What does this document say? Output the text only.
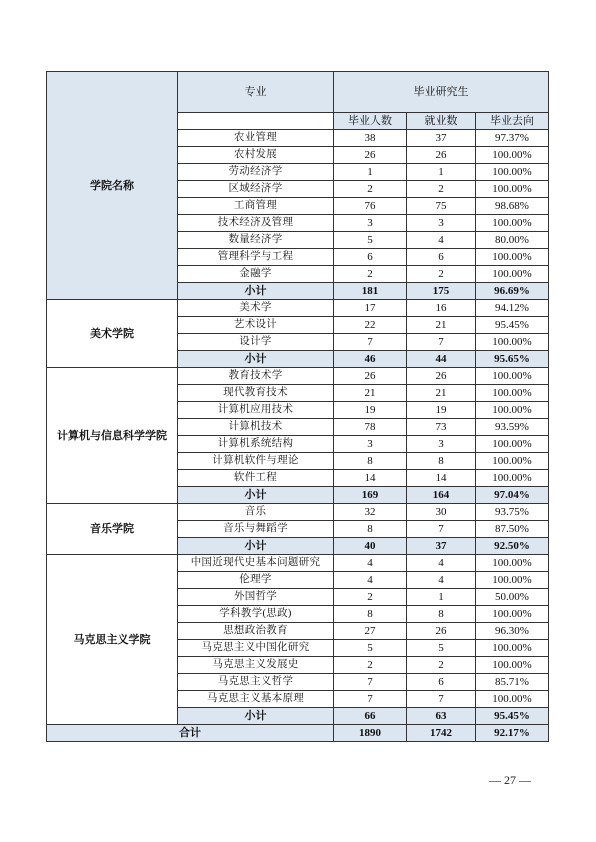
学院名称	专业	毕业研究生		
		毕业人数	就业数	毕业去向
	农业管理	38	37	97.37%
	农村发展	26	26	100.00%
	劳动经济学	1	1	100.00%
	区域经济学	2	2	100.00%
	工商管理	76	75	98.68%
	技术经济及管理	3	3	100.00%
	数量经济学	5	4	80.00%
	管理科学与工程	6	6	100.00%
	金融学	2	2	100.00%
	小计	181	175	96.69%
美术学院	美术学	17	16	94.12%
	艺术设计	22	21	95.45%
	设计学	7	7	100.00%
	小计	46	44	95.65%
计算机与信息科学学院	教育技术学	26	26	100.00%
	现代教育技术	21	21	100.00%
	计算机应用技术	19	19	100.00%
	计算机技术	78	73	93.59%
	计算机系统结构	3	3	100.00%
	计算机软件与理论	8	8	100.00%
	软件工程	14	14	100.00%
	小计	169	164	97.04%
音乐学院	音乐	32	30	93.75%
	音乐与舞蹈学	8	7	87.50%
	小计	40	37	92.50%
马克思主义学院	中国近现代史基本问题研究	4	4	100.00%
	伦理学	4	4	100.00%
	外国哲学	2	1	50.00%
	学科教学(思政)	8	8	100.00%
	思想政治教育	27	26	96.30%
	马克思主义中国化研究	5	5	100.00%
	马克思主义发展史	2	2	100.00%
	马克思主义哲学	7	6	85.71%
	马克思主义基本原理	7	7	100.00%
	小计	66	63	95.45%
合计		1890	1742	92.17%
— 27 —
